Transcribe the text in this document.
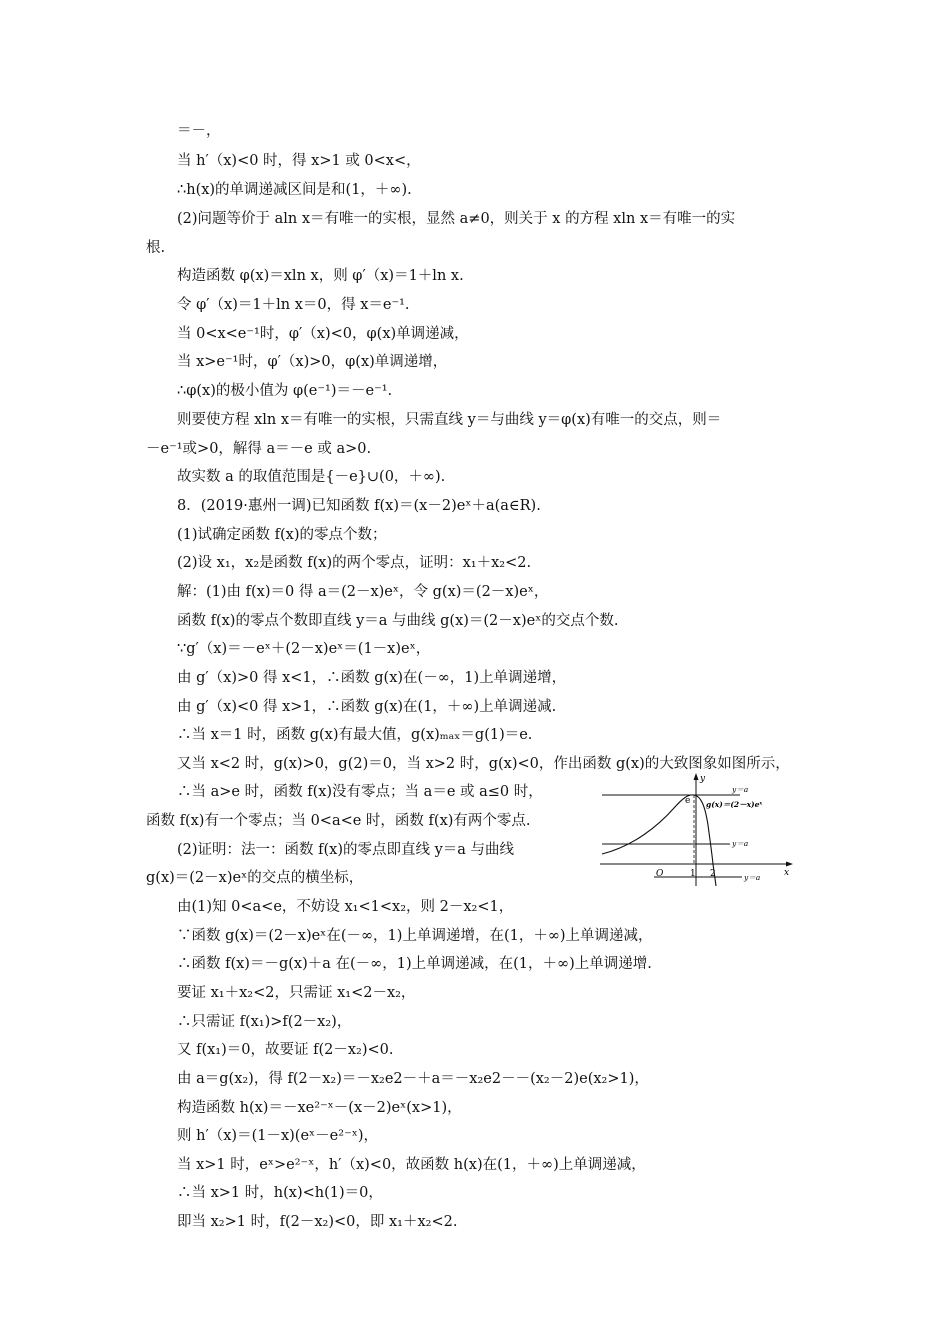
＝－，
当 h′（x)<0 时，得 x>1 或 0<x<，
∴h(x)的单调递减区间是和(1，＋∞).
(2)问题等价于 aln x＝有唯一的实根，显然 a≠0，则关于 x 的方程 xln x＝有唯一的实
根.
构造函数 φ(x)＝xln x，则 φ′（x)＝1＋ln x.
令 φ′（x)＝1＋ln x＝0，得 x＝e⁻¹.
当 0<x<e⁻¹时，φ′（x)<0，φ(x)单调递减，
当 x>e⁻¹时，φ′（x)>0，φ(x)单调递增，
∴φ(x)的极小值为 φ(e⁻¹)＝－e⁻¹.
则要使方程 xln x＝有唯一的实根，只需直线 y＝与曲线 y＝φ(x)有唯一的交点，则＝
－e⁻¹或>0，解得 a＝－e 或 a>0.
故实数 a 的取值范围是{－e}∪(0，＋∞).
8．(2019·惠州一调)已知函数 f(x)＝(x－2)eˣ＋a(a∈R).
(1)试确定函数 f(x)的零点个数；
(2)设 x₁，x₂是函数 f(x)的两个零点，证明：x₁＋x₂<2.
解：(1)由 f(x)＝0 得 a＝(2－x)eˣ，令 g(x)＝(2－x)eˣ，
函数 f(x)的零点个数即直线 y＝a 与曲线 g(x)＝(2－x)eˣ的交点个数.
∵g′（x)＝－eˣ＋(2－x)eˣ＝(1－x)eˣ，
由 g′（x)>0 得 x<1，∴函数 g(x)在(－∞，1)上单调递增，
由 g′（x)<0 得 x>1，∴函数 g(x)在(1，＋∞)上单调递减.
∴当 x＝1 时，函数 g(x)有最大值，g(x)ₘₐₓ＝g(1)＝e.
又当 x<2 时，g(x)>0，g(2)＝0，当 x>2 时，g(x)<0，作出函数 g(x)的大致图象如图所示，
∴当 a>e 时，函数 f(x)没有零点；当 a＝e 或 a≤0 时，
函数 f(x)有一个零点；当 0<a<e 时，函数 f(x)有两个零点.
(2)证明：法一：函数 f(x)的零点即直线 y＝a 与曲线
g(x)＝(2－x)eˣ的交点的横坐标，
由(1)知 0<a<e，不妨设 x₁<1<x₂，则 2－x₂<1，
∵函数 g(x)＝(2－x)eˣ在(－∞，1)上单调递增，在(1，＋∞)上单调递减，
∴函数 f(x)＝－g(x)＋a 在(－∞，1)上单调递减，在(1，＋∞)上单调递增.
要证 x₁＋x₂<2，只需证 x₁<2－x₂，
∴只需证 f(x₁)>f(2－x₂)，
又 f(x₁)＝0，故要证 f(2－x₂)<0.
由 a＝g(x₂)，得 f(2－x₂)＝－x₂e2－＋a＝－x₂e2－－(x₂－2)e(x₂>1)，
构造函数 h(x)＝－xe²⁻ˣ－(x－2)eˣ(x>1)，
则 h′（x)＝(1－x)(eˣ－e²⁻ˣ)，
当 x>1 时，eˣ>e²⁻ˣ，h′（x)<0，故函数 h(x)在(1，＋∞)上单调递减，
∴当 x>1 时，h(x)<h(1)＝0，
即当 x₂>1 时，f(2－x₂)<0，即 x₁＋x₂<2.
y
x
O	1 2
e
y＝a
y＝a
y＝a
g(x)＝(2－x)eˣ
